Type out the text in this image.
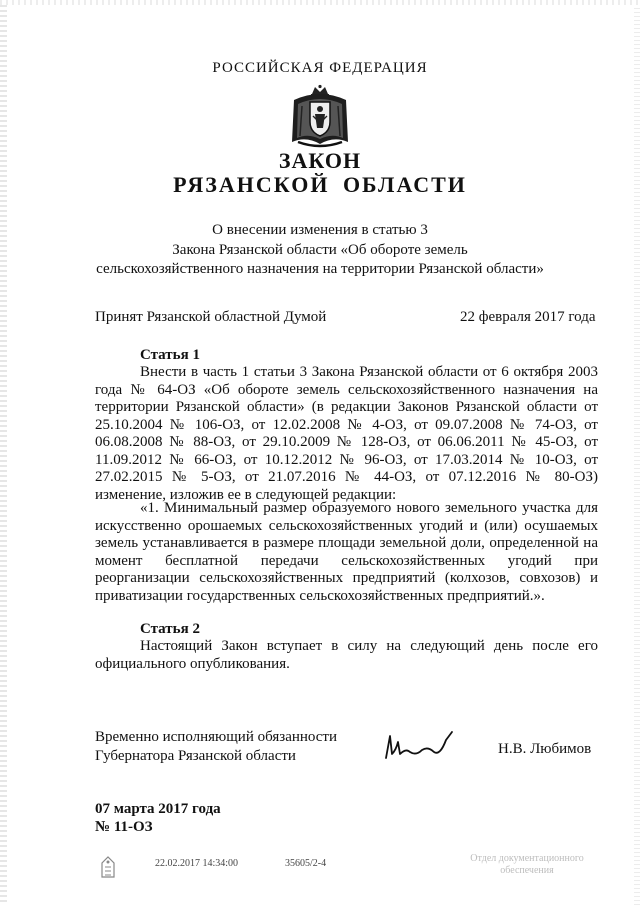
РОССИЙСКАЯ ФЕДЕРАЦИЯ
ЗАКОН
РЯЗАНСКОЙ ОБЛАСТИ
О внесении изменения в статью 3
Закона Рязанской области «Об обороте земель
сельскохозяйственного назначения на территории Рязанской области»
Принят Рязанской областной Думой	22 февраля 2017 года
Статья 1
Внести в часть 1 статьи 3 Закона Рязанской области от 6 октября 2003 года № 64-ОЗ «Об обороте земель сельскохозяйственного назначения на территории Рязанской области» (в редакции Законов Рязанской области от 25.10.2004 № 106-ОЗ, от 12.02.2008 № 4-ОЗ, от 09.07.2008 № 74-ОЗ, от 06.08.2008 № 88-ОЗ, от 29.10.2009 № 128-ОЗ, от 06.06.2011 № 45-ОЗ, от 11.09.2012 № 66-ОЗ, от 10.12.2012 № 96-ОЗ, от 17.03.2014 № 10-ОЗ, от 27.02.2015 № 5-ОЗ, от 21.07.2016 № 44-ОЗ, от 07.12.2016 № 80-ОЗ) изменение, изложив ее в следующей редакции:
«1. Минимальный размер образуемого нового земельного участка для искусственно орошаемых сельскохозяйственных угодий и (или) осушаемых земель устанавливается в размере площади земельной доли, определенной на момент бесплатной передачи сельскохозяйственных угодий при реорганизации сельскохозяйственных предприятий (колхозов, совхозов) и приватизации государственных сельскохозяйственных предприятий.».
Статья 2
Настоящий Закон вступает в силу на следующий день после его официального опубликования.
Временно исполняющий обязанности
Губернатора Рязанской области	Н.В. Любимов
07 марта 2017 года
№ 11-ОЗ
22.02.2017 14:34:00	35605/2-4	Отдел документационного
обеспечения
